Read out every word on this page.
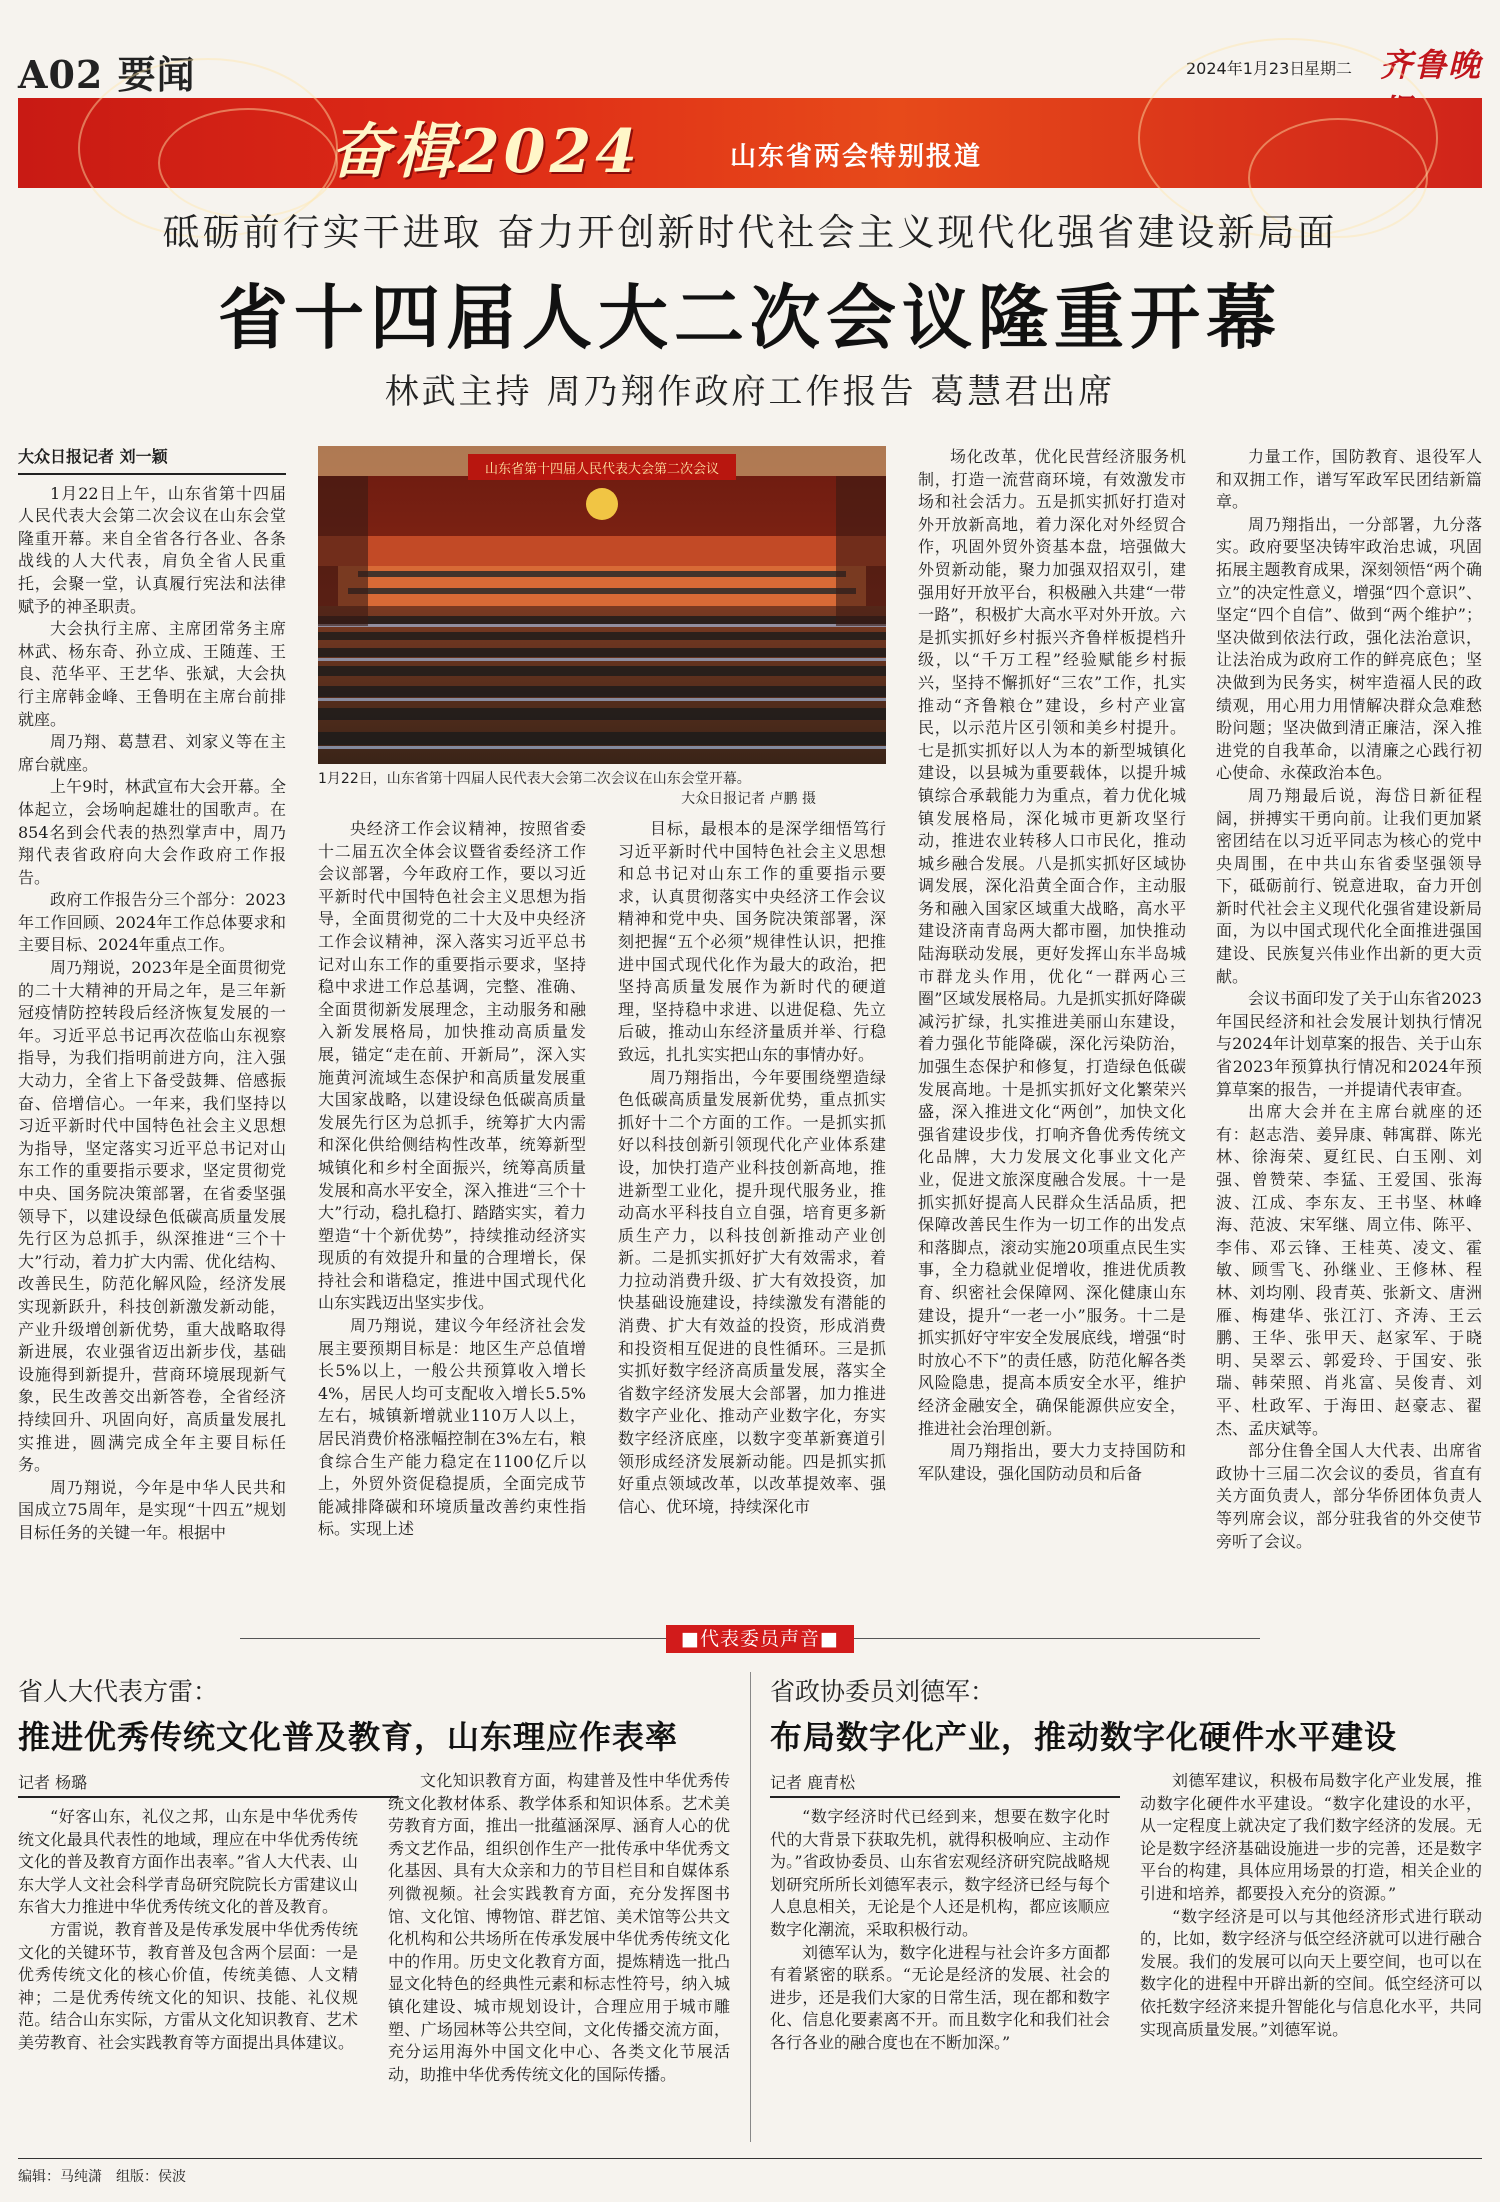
A02 要闻	2024年1月23日
星期二 齐鲁晚
奋楫2024	山东省两会特别报道
砥砺前行实干进取 奋力开创新时代社会主义现代化强省建设新局面
省十四届人大二次会议隆重开幕
林武主持 周乃翔作政府工作报告 葛慧君出席
大众日报记者 刘一颖

1月22日上午，山东省第十四届人民代表大会第二次会议在山东会堂隆重开幕。来自全省各行各业、各条战线的人大代表，肩负全省人民重托，会聚一堂，认真履行宪法和法律赋予的神圣职责。

大会执行主席、主席团常务主席林武、杨东奇、孙立成、王随莲、王良、范华平、王艺华、张斌，大会执行主席韩金峰、王鲁明在主席台前排就座。

周乃翔、葛慧君、刘家义等在主席台就座。

上午9时，林武宣布大会开幕。全体起立，会场响起雄壮的国歌声。在854名到会代表的热烈掌声中，周乃翔代表省政府向大会作政府工作报告。

政府工作报告分三个部分：2023年工作回顾、2024年工作总体要求和主要目标、2024年重点工作。

周乃翔说，2023年是全面贯彻党的二十大精神的开局之年，是三年新冠疫情防控转段后经济恢复发展的一年。习近平总书记再次莅临山东视察指导，为我们指明前进方向，注入强大动力，全省上下备受鼓舞、倍感振奋、倍增信心。一年来，我们坚持以习近平新时代中国特色社会主义思想为指导，坚定落实习近平总书记对山东工作的重要指示要求，坚定贯彻党中央、国务院决策部署，在省委坚强领导下，以建设绿色低碳高质量发展先行区为总抓手，纵深推进“三个十大”行动，着力扩大内需、优化结构、改善民生，防范化解风险，经济发展实现新跃升，科技创新激发新动能，产业升级增创新优势，重大战略取得新进展，农业强省迈出新步伐，基础设施得到新提升，营商环境展现新气象，民生改善交出新答卷，全省经济持续回升、巩固向好，高质量发展扎实推进，圆满完成全年主要目标任务。

周乃翔说，今年是中华人民共和国成立75周年，是实现“十四五”规划目标任务的关键一年。根据中

山东省第十四届人民代表大会第二次会议
1月22日，山东省第十四届人民代表大会第二次会议在山东会堂开幕。
大众日报记者 卢鹏 摄

央经济工作会议精神，按照省委十二届五次全体会议暨省委经济工作会议部署，今年政府工作，要以习近平新时代中国特色社会主义思想为指导，全面贯彻党的二十大及中央经济工作会议精神，深入落实习近平总书记对山东工作的重要指示要求，坚持稳中求进工作总基调，完整、准确、全面贯彻新发展理念，主动服务和融入新发展格局，加快推动高质量发展，锚定“走在前、开新局”，深入实施黄河流域生态保护和高质量发展重大国家战略，以建设绿色低碳高质量发展先行区为总抓手，统筹扩大内需和深化供给侧结构性改革，统筹新型城镇化和乡村全面振兴，统筹高质量发展和高水平安全，深入推进“三个十大”行动，稳扎稳打、踏踏实实，着力塑造“十个新优势”，持续推动经济实现质的有效提升和量的合理增长，保持社会和谐稳定，推进中国式现代化山东实践迈出坚实步伐。

周乃翔说，建议今年经济社会发展主要预期目标是：地区生产总值增长5%以上，一般公共预算收入增长4%，居民人均可支配收入增长5.5%左右，城镇新增就业110万人以上，居民消费价格涨幅控制在3%左右，粮食综合生产能力稳定在1100亿斤以上，外贸外资促稳提质，全面完成节能减排降碳和环境质量改善约束性指标。实现上述

目标，最根本的是深学细悟笃行习近平新时代中国特色社会主义思想和总书记对山东工作的重要指示要求，认真贯彻落实中央经济工作会议精神和党中央、国务院决策部署，深刻把握“五个必须”规律性认识，把推进中国式现代化作为最大的政治，把坚持高质量发展作为新时代的硬道理，坚持稳中求进、以进促稳、先立后破，推动山东经济量质并举、行稳致远，扎扎实实把山东的事情办好。

周乃翔指出，今年要围绕塑造绿色低碳高质量发展新优势，重点抓实抓好十二个方面的工作。一是抓实抓好以科技创新引领现代化产业体系建设，加快打造产业科技创新高地，推进新型工业化，提升现代服务业，推动高水平科技自立自强，培育更多新质生产力，以科技创新推动产业创新。二是抓实抓好扩大有效需求，着力拉动消费升级、扩大有效投资，加快基础设施建设，持续激发有潜能的消费、扩大有效益的投资，形成消费和投资相互促进的良性循环。三是抓实抓好数字经济高质量发展，落实全省数字经济发展大会部署，加力推进数字产业化、推动产业数字化，夯实数字经济底座，以数字变革新赛道引领形成经济发展新动能。四是抓实抓好重点领域改革，以改革提效率、强信心、优环境，持续深化市

场化改革，优化民营经济服务机制，打造一流营商环境，有效激发市场和社会活力。五是抓实抓好打造对外开放新高地，着力深化对外经贸合作，巩固外贸外资基本盘，培强做大外贸新动能，聚力加强双招双引，建强用好开放平台，积极融入共建“一带一路”，积极扩大高水平对外开放。六是抓实抓好乡村振兴齐鲁样板提档升级，以“千万工程”经验赋能乡村振兴，坚持不懈抓好“三农”工作，扎实推动“齐鲁粮仓”建设，乡村产业富民，以示范片区引领和美乡村提升。七是抓实抓好以人为本的新型城镇化建设，以县城为重要载体，以提升城镇综合承载能力为重点，着力优化城镇发展格局，深化城市更新攻坚行动，推进农业转移人口市民化，推动城乡融合发展。八是抓实抓好区域协调发展，深化沿黄全面合作，主动服务和融入国家区域重大战略，高水平建设济南青岛两大都市圈，加快推动陆海联动发展，更好发挥山东半岛城市群龙头作用，优化“一群两心三圈”区域发展格局。九是抓实抓好降碳减污扩绿，扎实推进美丽山东建设，着力强化节能降碳，深化污染防治，加强生态保护和修复，打造绿色低碳发展高地。十是抓实抓好文化繁荣兴盛，深入推进文化“两创”，加快文化强省建设步伐，打响齐鲁优秀传统文化品牌，大力发展文化事业文化产业，促进文旅深度融合发展。十一是抓实抓好提高人民群众生活品质，把保障改善民生作为一切工作的出发点和落脚点，滚动实施20项重点民生实事，全力稳就业促增收，推进优质教育、织密社会保障网、深化健康山东建设，提升“一老一小”服务。十二是抓实抓好守牢安全发展底线，增强“时时放心不下”的责任感，防范化解各类风险隐患，提高本质安全水平，维护经济金融安全，确保能源供应安全，推进社会治理创新。

周乃翔指出，要大力支持国防和军队建设，强化国防动员和后备

力量工作，国防教育、退役军人和双拥工作，谱写军政军民团结新篇章。

周乃翔指出，一分部署，九分落实。政府要坚决铸牢政治忠诚，巩固拓展主题教育成果，深刻领悟“两个确立”的决定性意义，增强“四个意识”、坚定“四个自信”、做到“两个维护”；坚决做到依法行政，强化法治意识，让法治成为政府工作的鲜亮底色；坚决做到为民务实，树牢造福人民的政绩观，用心用力用情解决群众急难愁盼问题；坚决做到清正廉洁，深入推进党的自我革命，以清廉之心践行初心使命、永葆政治本色。

周乃翔最后说，海岱日新征程阔，拼搏实干勇向前。让我们更加紧密团结在以习近平同志为核心的党中央周围，在中共山东省委坚强领导下，砥砺前行、锐意进取，奋力开创新时代社会主义现代化强省建设新局面，为以中国式现代化全面推进强国建设、民族复兴伟业作出新的更大贡献。

会议书面印发了关于山东省2023年国民经济和社会发展计划执行情况与2024年计划草案的报告、关于山东省2023年预算执行情况和2024年预算草案的报告，一并提请代表审查。

出席大会并在主席台就座的还有：赵志浩、姜异康、韩寓群、陈光林、徐海荣、夏红民、白玉刚、刘强、曾赞荣、李猛、王爱国、张海波、江成、李东友、王书坚、林峰海、范波、宋军继、周立伟、陈平、李伟、邓云锋、王桂英、凌文、霍敏、顾雪飞、孙继业、王修林、程林、刘均刚、段青英、张新文、唐洲雁、梅建华、张江汀、齐涛、王云鹏、王华、张甲天、赵家军、于晓明、吴翠云、郭爱玲、于国安、张瑞、韩荣照、肖兆富、吴俊青、刘平、杜政军、于海田、赵豪志、翟杰、孟庆斌等。

部分住鲁全国人大代表、出席省政协十三届二次会议的委员，省直有关方面负责人，部分华侨团体负责人等列席会议，部分驻我省的外交使节旁听了会议。

■代表委员声音■
省人大代表方雷：
推进优秀传统文化普及教育，山东理应作表率
记者 杨璐

“好客山东，礼仪之邦，山东是中华优秀传统文化最具代表性的地域，理应在中华优秀传统文化的普及教育方面作出表率。”省人大代表、山东大学人文社会科学青岛研究院院长方雷建议山东省大力推进中华优秀传统文化的普及教育。

方雷说，教育普及是传承发展中华优秀传统文化的关键环节，教育普及包含两个层面：一是优秀传统文化的核心价值，传统美德、人文精神；二是优秀传统文化的知识、技能、礼仪规范。结合山东实际，方雷从文化知识教育、艺术美劳教育、社会实践教育等方面提出具体建议。

文化知识教育方面，构建普及性中华优秀传统文化教材体系、教学体系和知识体系。艺术美劳教育方面，推出一批蕴涵深厚、涵育人心的优秀文艺作品，组织创作生产一批传承中华优秀文化基因、具有大众亲和力的节目栏目和自媒体系列微视频。社会实践教育方面，充分发挥图书馆、文化馆、博物馆、群艺馆、美术馆等公共文化机构和公共场所在传承发展中华优秀传统文化中的作用。历史文化教育方面，提炼精选一批凸显文化特色的经典性元素和标志性符号，纳入城镇化建设、城市规划设计，合理应用于城市雕塑、广场园林等公共空间，文化传播交流方面，充分运用海外中国文化中心、各类文化节展活动，助推中华优秀传统文化的国际传播。

省政协委员刘德军：
布局数字化产业，推动数字化硬件水平建设
记者 鹿青松

“数字经济时代已经到来，想要在数字化时代的大背景下获取先机，就得积极响应、主动作为。”省政协委员、山东省宏观经济研究院战略规划研究所所长刘德军表示，数字经济已经与每个人息息相关，无论是个人还是机构，都应该顺应数字化潮流，采取积极行动。

刘德军认为，数字化进程与社会许多方面都有着紧密的联系。“无论是经济的发展、社会的进步，还是我们大家的日常生活，现在都和数字化、信息化要素离不开。而且数字化和我们社会各行各业的融合度也在不断加深。”

刘德军建议，积极布局数字化产业发展，推动数字化硬件水平建设。“数字化建设的水平，从一定程度上就决定了我们数字经济的发展。无论是数字经济基础设施进一步的完善，还是数字平台的构建，具体应用场景的打造，相关企业的引进和培养，都要投入充分的资源。”

“数字经济是可以与其他经济形式进行联动的，比如，数字经济与低空经济就可以进行融合发展。我们的发展可以向天上要空间，也可以在数字化的进程中开辟出新的空间。低空经济可以依托数字经济来提升智能化与信息化水平，共同实现高质量发展。”刘德军说。

编辑：马纯潇　组版：侯波
